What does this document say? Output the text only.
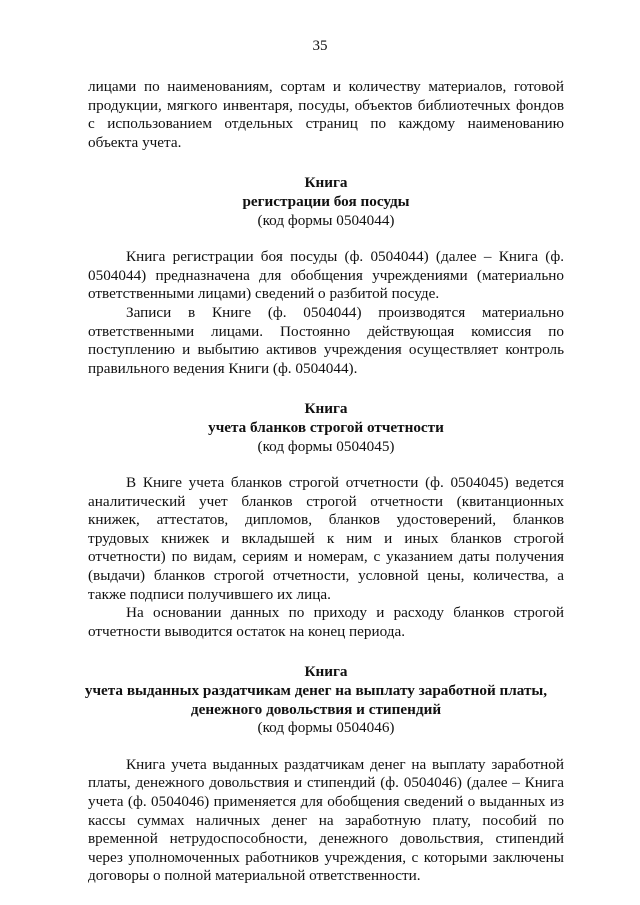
35

лицами по наименованиям, сортам и количеству материалов, готовой продукции, мягкого инвентаря, посуды, объектов библиотечных фондов с использованием отдельных страниц по каждому наименованию объекта учета.

Книга
регистрации боя посуды
(код формы 0504044)

Книга регистрации боя посуды (ф. 0504044) (далее – Книга (ф. 0504044) предназначена для обобщения учреждениями (материально ответственными лицами) сведений о разбитой посуде.

Записи в Книге (ф. 0504044) производятся материально ответственными лицами. Постоянно действующая комиссия по поступлению и выбытию активов учреждения осуществляет контроль правильного ведения Книги (ф. 0504044).

Книга
учета бланков строгой отчетности
(код формы 0504045)

В Книге учета бланков строгой отчетности (ф. 0504045) ведется аналитический учет бланков строгой отчетности (квитанционных книжек, аттестатов, дипломов, бланков удостоверений, бланков трудовых книжек и вкладышей к ним и иных бланков строгой отчетности) по видам, сериям и номерам, с указанием даты получения (выдачи) бланков строгой отчетности, условной цены, количества, а также подписи получившего их лица.

На основании данных по приходу и расходу бланков строгой отчетности выводится остаток на конец периода.

Книга
учета выданных раздатчикам денег на выплату заработной платы, денежного довольствия и стипендий
(код формы 0504046)

Книга учета выданных раздатчикам денег на выплату заработной платы, денежного довольствия и стипендий (ф. 0504046) (далее – Книга учета (ф. 0504046) применяется для обобщения сведений о выданных из кассы суммах наличных денег на заработную плату, пособий по временной нетрудоспособности, денежного довольствия, стипендий через уполномоченных работников учреждения, с которыми заключены договоры о полной материальной ответственности.
